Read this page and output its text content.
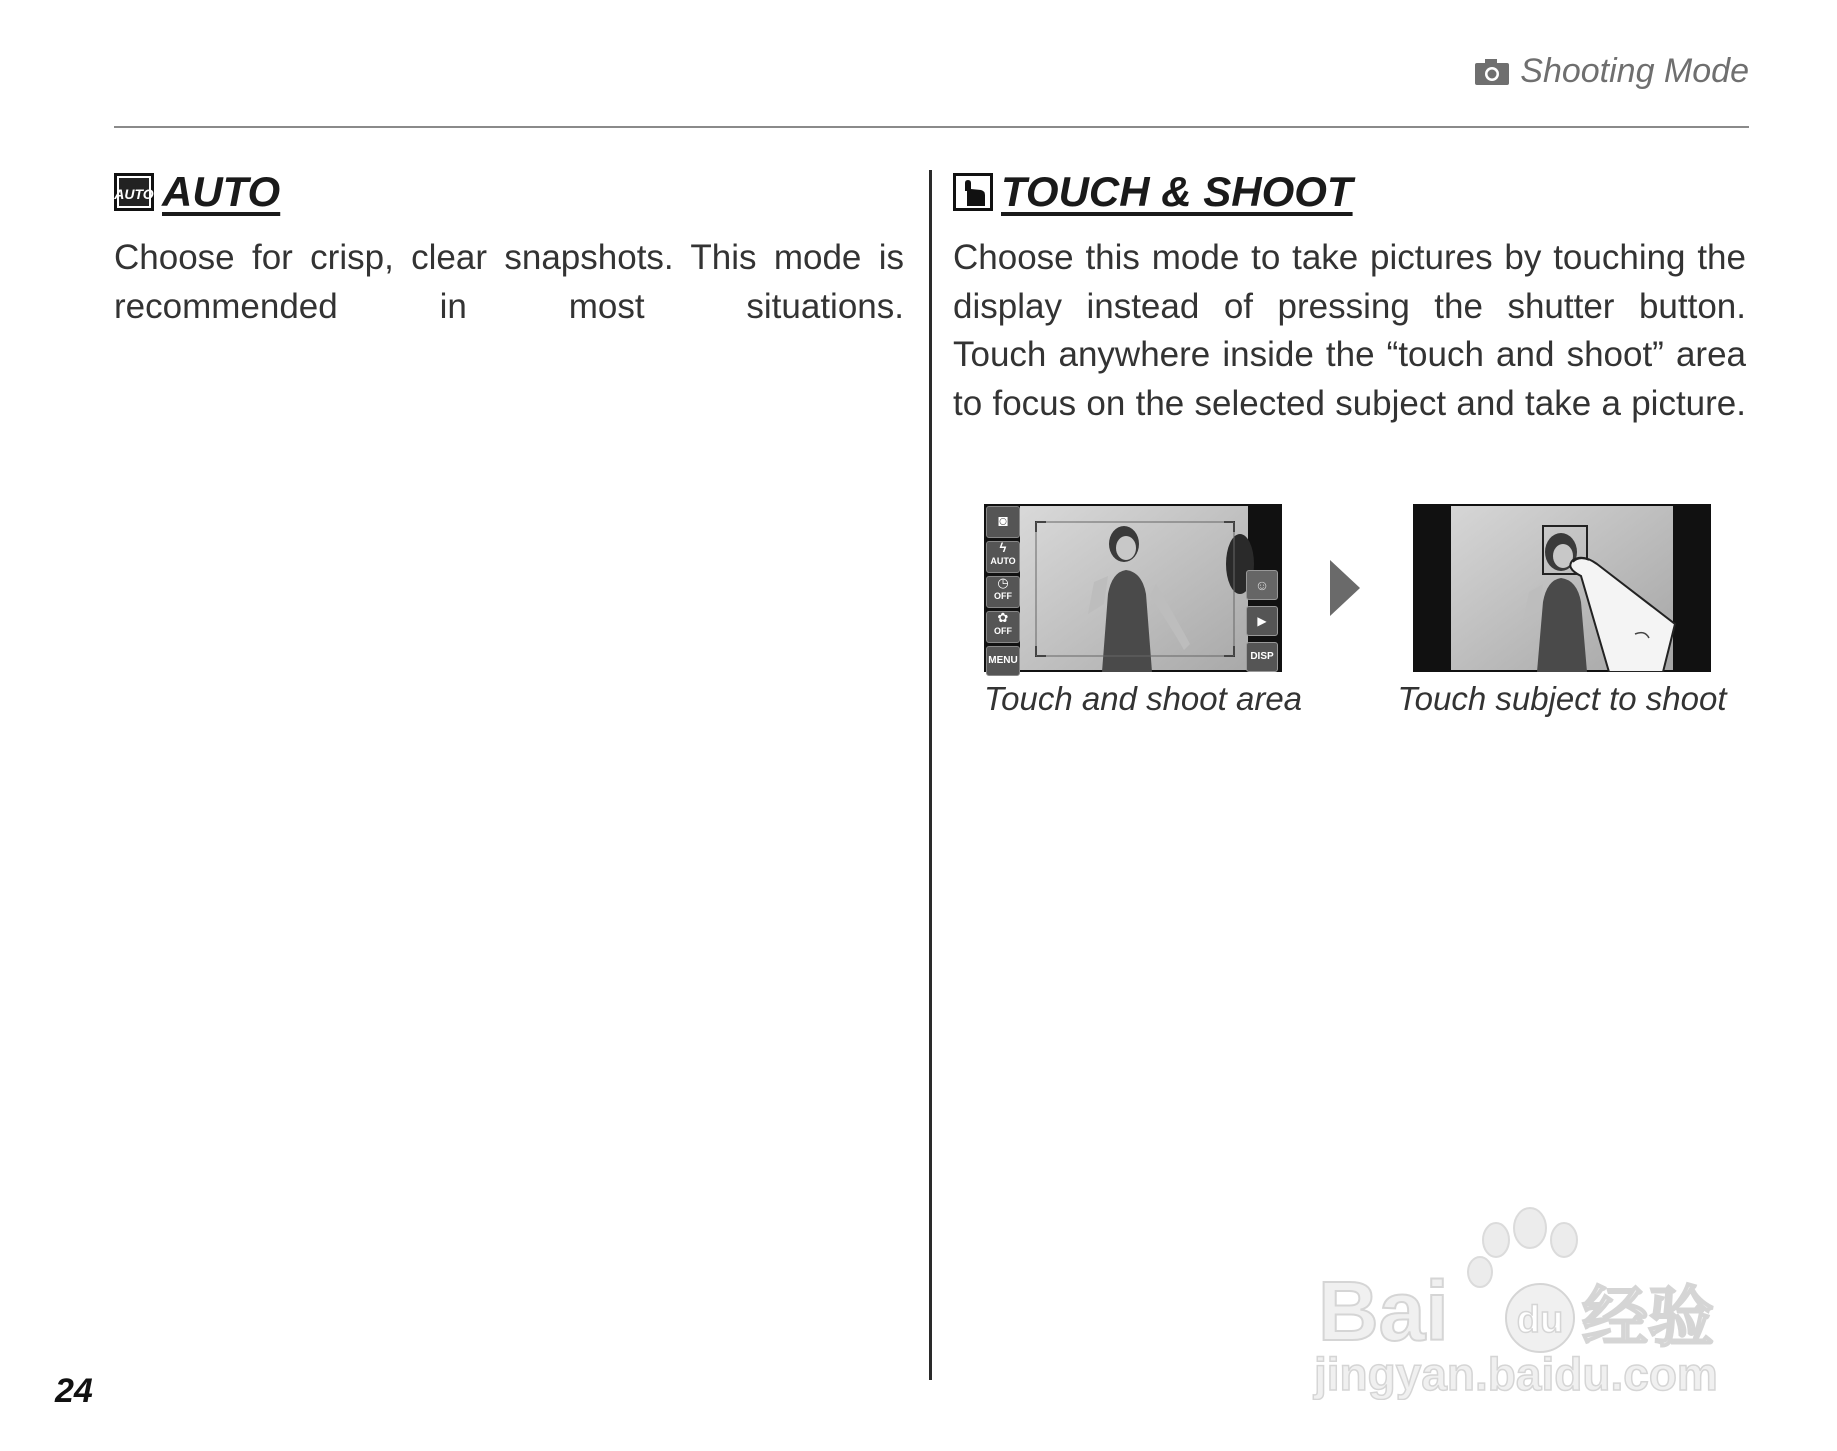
Shooting Mode
AUTO AUTO

Choose for crisp, clear snapshots. This mode is recommended in most situations.

TOUCH & SHOOT

Choose this mode to take pictures by touching the display instead of pressing the shutter button. Touch anywhere inside the “touch and shoot” area to focus on the selected subject and take a picture.

◙
ϟ
AUTO
◷
OFF
✿
OFF
MENU
☺
▶
DISP
Touch and shoot area	Touch subject to shoot
24
Bai du 经验
jingyan.baidu.com
